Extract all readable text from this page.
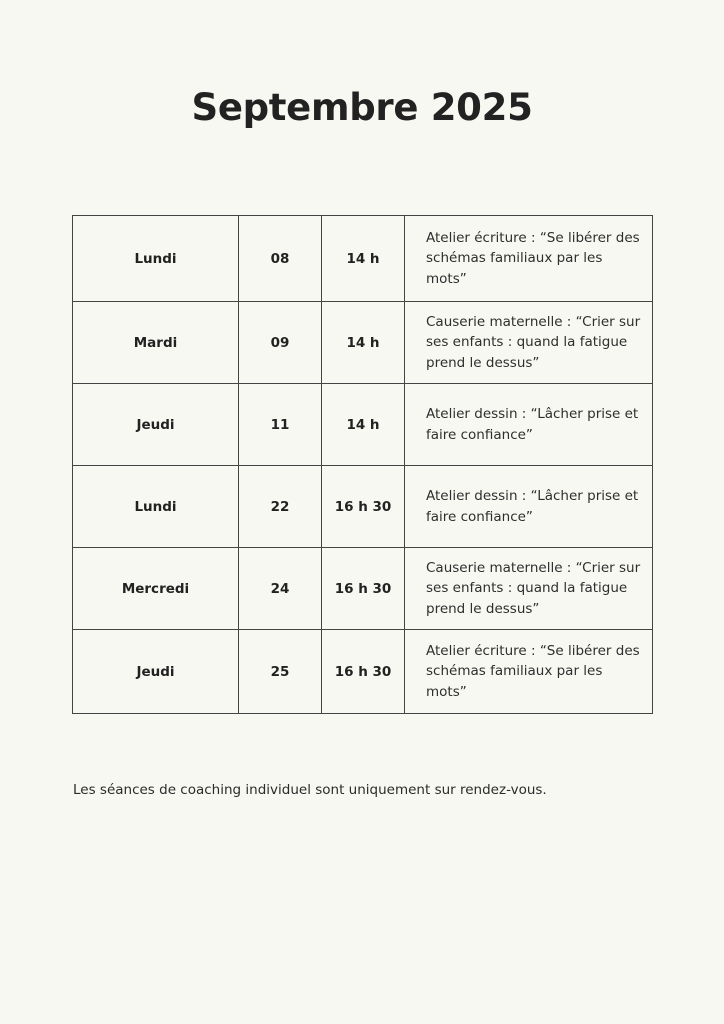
Septembre 2025
Lundi	08	14 h	Atelier écriture : “Se libérer des schémas familiaux par les mots”
Mardi	09	14 h	Causerie maternelle : “Crier sur ses enfants : quand la fatigue prend le dessus”
Jeudi	11	14 h	Atelier dessin : “Lâcher prise et faire confiance”
Lundi	22	16 h 30	Atelier dessin : “Lâcher prise et faire confiance”
Mercredi	24	16 h 30	Causerie maternelle : “Crier sur ses enfants : quand la fatigue prend le dessus”
Jeudi	25	16 h 30	Atelier écriture : “Se libérer des schémas familiaux par les mots”

Les séances de coaching individuel sont uniquement sur rendez-vous.
